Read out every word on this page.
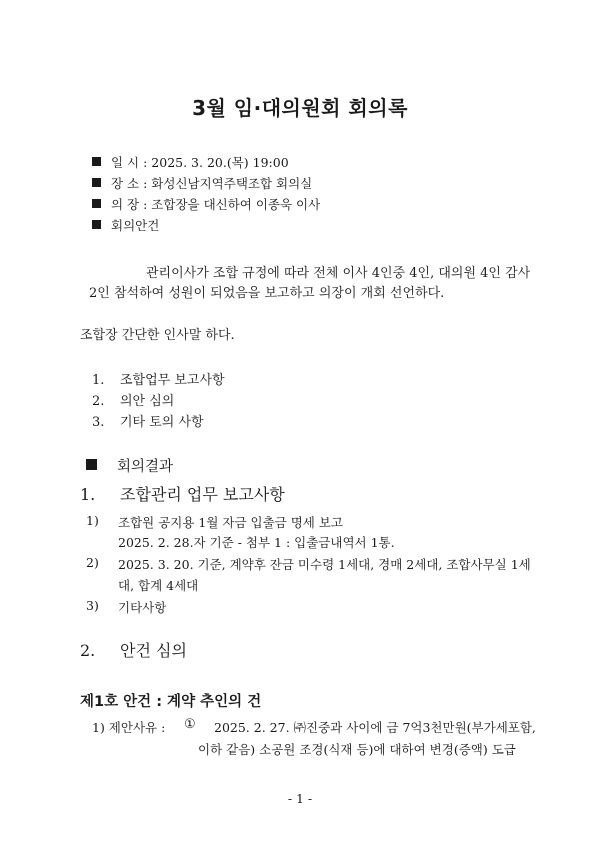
3월 임·대의원회 회의록
일 시 : 2025. 3. 20.(목) 19:00
장 소 : 화성신남지역주택조합 회의실
의 장 : 조합장을 대신하여 이종욱 이사
회의안건
관리이사가 조합 규정에 따라 전체 이사 4인중 4인, 대의원 4인 감사
2인 참석하여 성원이 되었음을 보고하고 의장이 개회 선언하다.
조합장 간단한 인사말 하다.
1. 조합업무 보고사항
2. 의안 심의
3. 기타 토의 사항
회의결과
1. 조합관리 업무 보고사항
1) 조합원 공지용 1월 자금 입출금 명세 보고
2025. 2. 28.자 기준 - 첨부 1 : 입출금내역서 1통.
2) 2025. 3. 20. 기준, 계약후 잔금 미수령 1세대, 경매 2세대, 조합사무실 1세
대, 합계 4세대
3) 기타사항
2. 안건 심의
제1호 안건 : 계약 추인의 건
1) 제안사유 : ① 2025. 2. 27. ㈜진중과 사이에 금 7억3천만원(부가세포함,
이하 같음) 소공원 조경(식재 등)에 대하여 변경(증액) 도급
- 1 -
